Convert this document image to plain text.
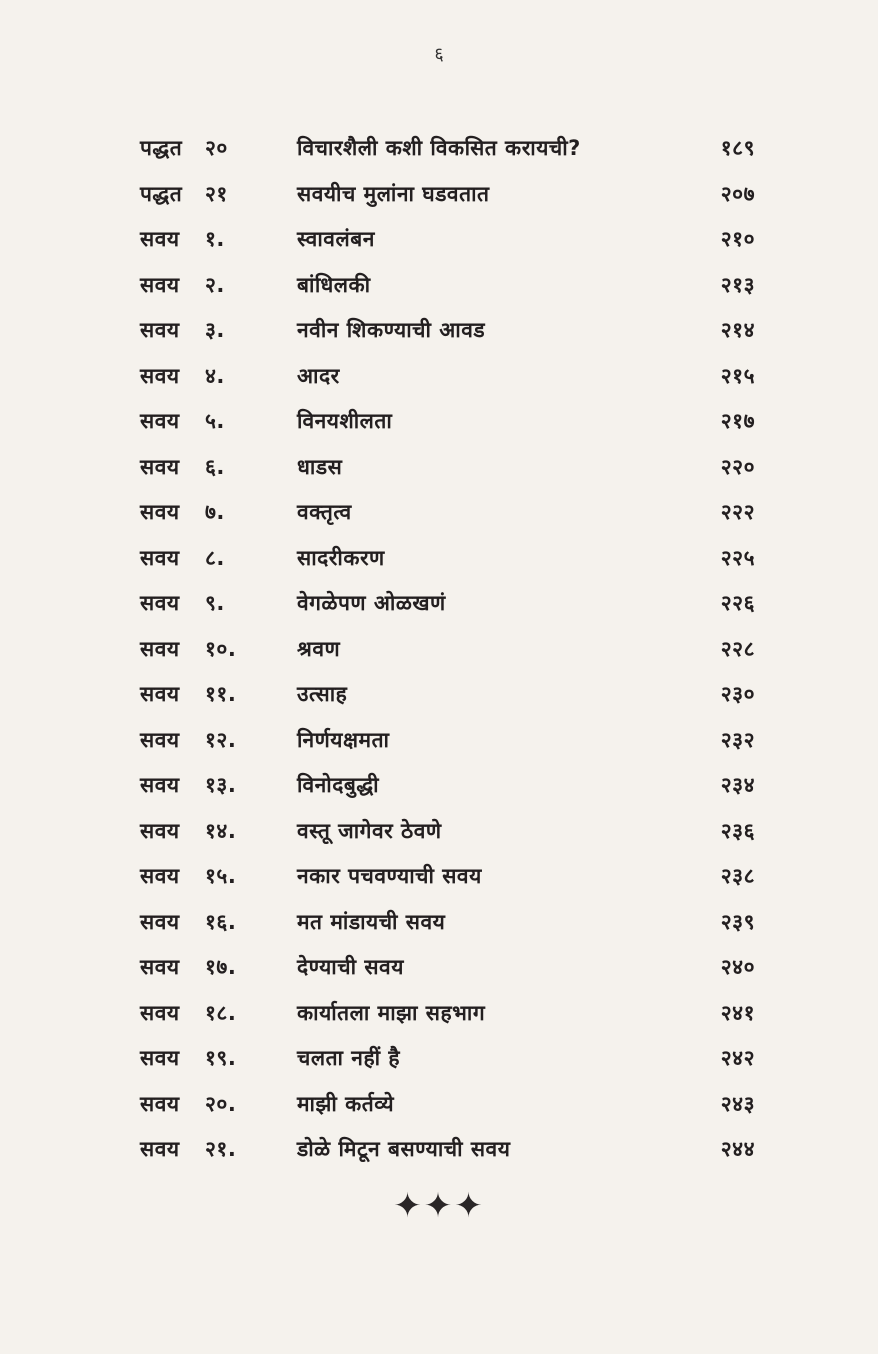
६
पद्धत २०	विचारशैली कशी विकसित करायची?	१८९
पद्धत २१	सवयीच मुलांना घडवतात	२०७
सवय १.	स्वावलंबन	२१०
सवय २.	बांधिलकी	२१३
सवय ३.	नवीन शिकण्याची आवड	२१४
सवय ४.	आदर	२१५
सवय ५.	विनयशीलता	२१७
सवय ६.	धाडस	२२०
सवय ७.	वक्तृत्व	२२२
सवय ८.	सादरीकरण	२२५
सवय ९.	वेगळेपण ओळखणं	२२६
सवय १०.	श्रवण	२२८
सवय ११.	उत्साह	२३०
सवय १२.	निर्णयक्षमता	२३२
सवय १३.	विनोदबुद्धी	२३४
सवय १४.	वस्तू जागेवर ठेवणे	२३६
सवय १५.	नकार पचवण्याची सवय	२३८
सवय १६.	मत मांडायची सवय	२३९
सवय १७.	देण्याची सवय	२४०
सवय १८.	कार्यातला माझा सहभाग	२४१
सवय १९.	चलता नहीं है	२४२
सवय २०.	माझी कर्तव्ये	२४३
सवय २१.	डोळे मिटून बसण्याची सवय	२४४
✦✦✦
